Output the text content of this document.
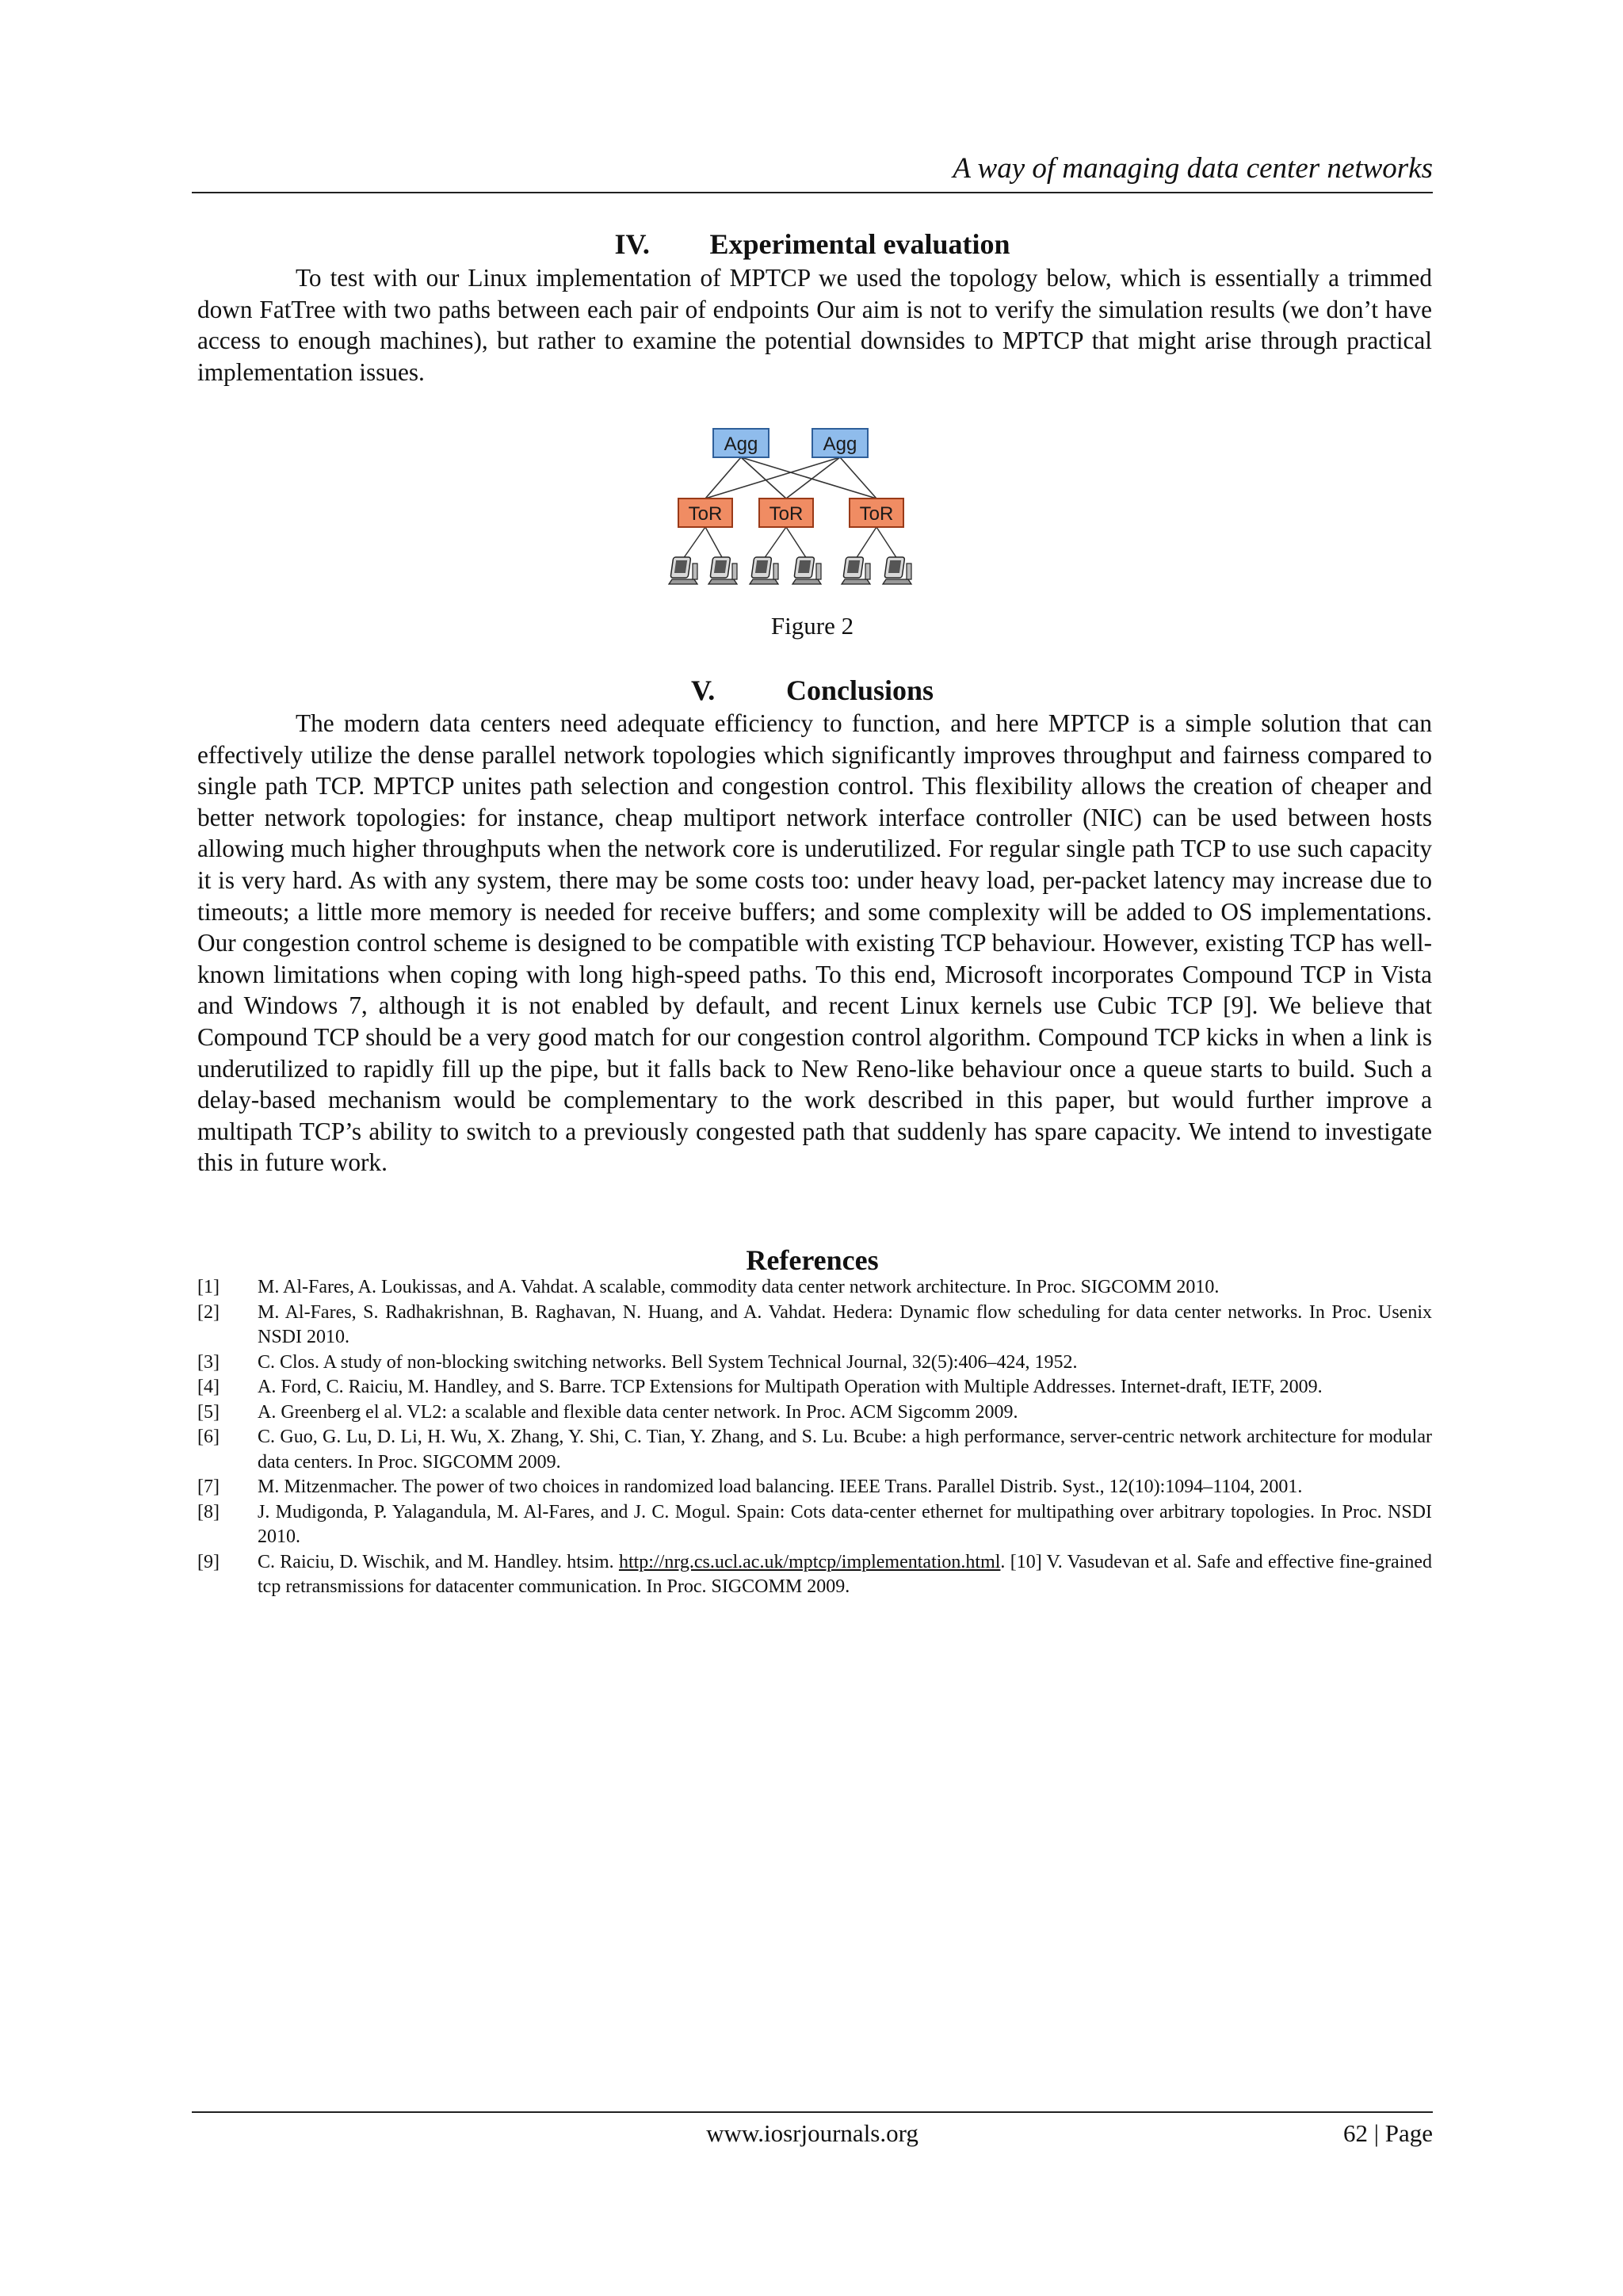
A way of managing data center networks
IV. Experimental evaluation
To test with our Linux implementation of MPTCP we used the topology below, which is essentially a trimmed down FatTree with two paths between each pair of endpoints Our aim is not to verify the simulation results (we don’t have access to enough machines), but rather to examine the potential downsides to MPTCP that might arise through practical implementation issues.
Agg	Agg
ToR ToR	ToR
Figure 2
V. Conclusions
The modern data centers need adequate efficiency to function, and here MPTCP is a simple solution that can effectively utilize the dense parallel network topologies which significantly improves throughput and fairness compared to single path TCP. MPTCP unites path selection and congestion control. This flexibility allows the creation of cheaper and better network topologies: for instance, cheap multiport network interface controller (NIC) can be used between hosts allowing much higher throughputs when the network core is underutilized. For regular single path TCP to use such capacity it is very hard. As with any system, there may be some costs too: under heavy load, per-packet latency may increase due to timeouts; a little more memory is needed for receive buffers; and some complexity will be added to OS implementations. Our congestion control scheme is designed to be compatible with existing TCP behaviour. However, existing TCP has well-known limitations when coping with long high-speed paths. To this end, Microsoft incorporates Compound TCP in Vista and Windows 7, although it is not enabled by default, and recent Linux kernels use Cubic TCP [9]. We believe that Compound TCP should be a very good match for our congestion control algorithm. Compound TCP kicks in when a link is underutilized to rapidly fill up the pipe, but it falls back to New Reno-like behaviour once a queue starts to build. Such a delay-based mechanism would be complementary to the work described in this paper, but would further improve a multipath TCP’s ability to switch to a previously congested path that suddenly has spare capacity. We intend to investigate this in future work.
References
[1]	M. Al-Fares, A. Loukissas, and A. Vahdat. A scalable, commodity data center network architecture. In Proc. SIGCOMM 2010.
[2]	M. Al-Fares, S. Radhakrishnan, B. Raghavan, N. Huang, and A. Vahdat. Hedera: Dynamic flow scheduling for data center networks. In Proc. Usenix NSDI 2010.
[3]	C. Clos. A study of non-blocking switching networks. Bell System Technical Journal, 32(5):406–424, 1952.
[4]	A. Ford, C. Raiciu, M. Handley, and S. Barre. TCP Extensions for Multipath Operation with Multiple Addresses. Internet-draft, IETF, 2009.
[5]	A. Greenberg el al. VL2: a scalable and flexible data center network. In Proc. ACM Sigcomm 2009.
[6]	C. Guo, G. Lu, D. Li, H. Wu, X. Zhang, Y. Shi, C. Tian, Y. Zhang, and S. Lu. Bcube: a high performance, server-centric network architecture for modular data centers. In Proc. SIGCOMM 2009.
[7]	M. Mitzenmacher. The power of two choices in randomized load balancing. IEEE Trans. Parallel Distrib. Syst., 12(10):1094–1104, 2001.
[8]	J. Mudigonda, P. Yalagandula, M. Al-Fares, and J. C. Mogul. Spain: Cots data-center ethernet for multipathing over arbitrary topologies. In Proc. NSDI 2010.
[9]	C. Raiciu, D. Wischik, and M. Handley. htsim. http://nrg.cs.ucl.ac.uk/mptcp/implementation.html. [10] V. Vasudevan et al. Safe and effective fine-grained tcp retransmissions for datacenter communication. In Proc. SIGCOMM 2009.
www.iosrjournals.org	62 | Page
